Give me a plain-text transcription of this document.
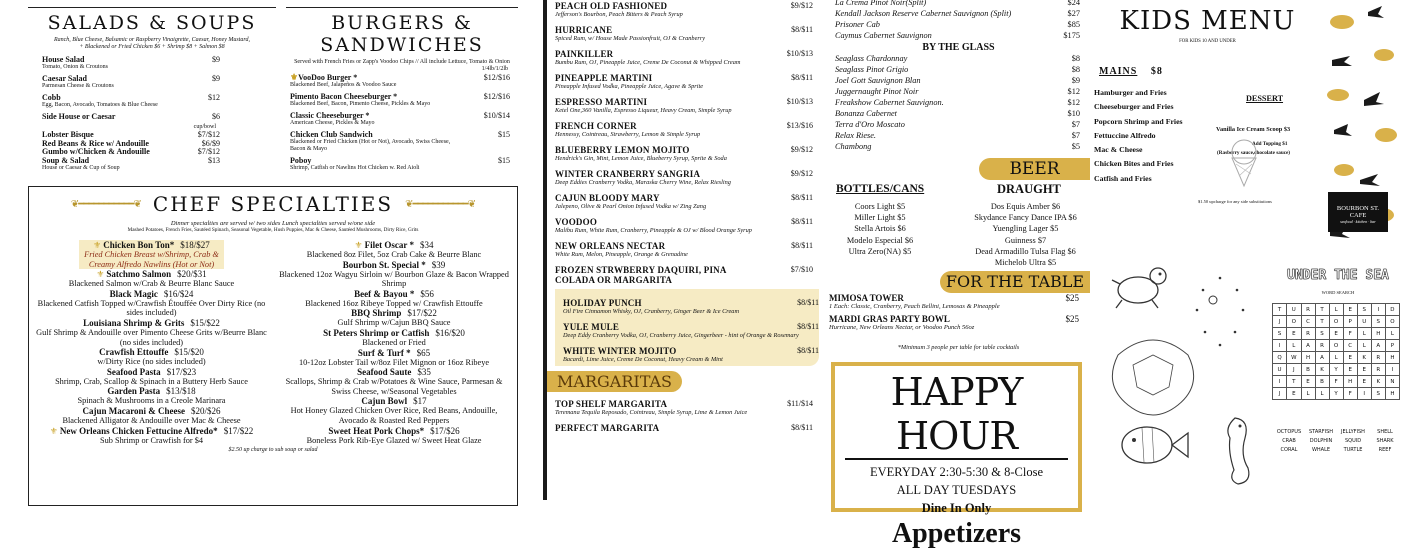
SALADS & SOUPS
Ranch, Blue Cheese, Balsamic or Raspberry Vinaigrette, Caesar, Honey Mustard,
+ Blackened or Fried Chicken $6 + Shrimp $8 + Salmon $8
House Salad
Tomato, Onion & Croutons
$9
Caesar Salad
Parmesan Cheese & Croutons
$9
Cobb
Egg, Bacon, Avocado, Tomatoes & Blue Cheese
$12
Side House or Caesar	$6
cup/bowl
Lobster Bisque	$7/$12
Red Beans & Rice w/ Andouille	$6/$9
Gumbo w/Chicken & Andouille	$7/$12
Soup & Salad	$13
House or Caesar & Cup of Soup
BURGERS & SANDWICHES
Served with French Fries or Zapp's Voodoo Chips // All include Lettuce, Tomato & Onion
1/4lb/1/2lb
⚜VooDoo Burger *
Blackened Beef, Jalapeños & Voodoo Sauce
$12/$16
Pimento Bacon Cheeseburger *
Blackened Beef, Bacon, Pimento Cheese, Pickles & Mayo
$12/$16
Classic Cheeseburger *
American Cheese, Pickles & Mayo
$10/$14
Chicken Club Sandwich
Blackened or Fried Chicken (Hot or Not), Avocado, Swiss Cheese, Bacon & Mayo
$15
Poboy
Shrimp, Catfish or Nawlins Hot Chicken w. Red Aioli
$15
❦━━━━━━━━━━━❦ CHEF SPECIALTIES ❦━━━━━━━━━━━❦
Dinner specialties are served w/ two sides Lunch specialties served w/one side
Mashed Potatoes, French Fries, Sautéed Spinach, Seasonal Vegetable, Hush Puppies, Mac & Cheese, Sautéed Mushrooms, Dirty Rice, Grits
⚜ Chicken Bon Ton* $18/$27
Fried Chicken Breast w/Shrimp, Crab & Creamy Alfredo Nawlins (Hot or Not)
⚜ Satchmo Salmon $20/$31
Blackened Salmon w/Crab & Beurre Blanc Sauce
Black Magic $16/$24
Blackened Catfish Topped w/Crawfish Étouffée Over Dirty Rice (no sides included)
Louisiana Shrimp & Grits $15/$22
Gulf Shrimp & Andouille over Pimento Cheese Grits w/Beurre Blanc (no sides included)
Crawfish Ettouffe $15/$20
w/Dirty Rice (no sides included)
Seafood Pasta $17/$23
Shrimp, Crab, Scallop & Spinach in a Buttery Herb Sauce
Garden Pasta $13/$18
Spinach & Mushrooms in a Creole Marinara
Cajun Macaroni & Cheese $20/$26
Blackened Alligator & Andouille over Mac & Cheese
⚜ New Orleans Chicken Fettucine Alfredo* $17/$22
Sub Shrimp or Crawfish for $4
⚜ Filet Oscar * $34
Blackened 8oz Filet, 5oz Crab Cake & Beurre Blanc
Bourbon St. Special * $39
Blackened 12oz Wagyu Sirloin w/ Bourbon Glaze & Bacon Wrapped Shrimp
Beef & Bayou * $56
Blackened 16oz Ribeye Topped w/ Crawfish Ettouffe
BBQ Shrimp $17/$22
Gulf Shrimp w/Cajun BBQ Sauce
St Peters Shrimp or Catfish $16/$20
Blackened or Fried
Surf & Turf * $65
10-12oz Lobster Tail w/8oz Filet Mignon or 16oz Ribeye
Seafood Saute $35
Scallops, Shrimp & Crab w/Potatoes & Wine Sauce, Parmesan & Swiss Cheese, w/Seasonal Vegetables
Cajun Bowl $17
Hot Honey Glazed Chicken Over Rice, Red Beans, Andouille, Avocado & Roasted Red Peppers
Sweet Heat Pork Chops* $17/$26
Boneless Pork Rib-Eye Glazed w/ Sweet Heat Glaze
$2.50 up charge to sub soup or salad
PEACH OLD FASHIONED	$9/$12
Jefferson's Bourbon, Peach Bitters & Peach Syrup
HURRICANE	$8/$11
Spiced Rum, w/ House Made Passionfruit, OJ & Cranberry
PAINKILLER	$10/$13
Bumbu Rum, OJ, Pineapple Juice, Creme De Coconut & Whipped Cream
PINEAPPLE MARTINI	$8/$11
Pineapple Infused Vodka, Pineapple Juice, Agave & Sprite
ESPRESSO MARTINI	$10/$13
Ketel One,360 Vanilla, Espresso Liqueur, Heavy Cream, Simple Syrup
FRENCH CORNER	$13/$16
Hennessy, Cointreau, Strawberry, Lemon & Simple Syrup
BLUEBERRY LEMON MOJITO	$9/$12
Hendrick's Gin, Mint, Lemon Juice, Blueberry Syrup, Sprite & Soda
WINTER CRANBERRY SANGRIA	$9/$12
Deep Eddies Cranberry Vodka, Maraska Cherry Wine, Relax Riesling
CAJUN BLOODY MARY	$8/$11
Jalepeno, Olive & Pearl Onion Infused Vodka w/ Zing Zang
VOODOO	$8/$11
Malibu Rum, White Rum, Cranberry, Pineapple & OJ w/ Blood Orange Syrup
NEW ORLEANS NECTAR	$8/$11
White Rum, Melon, Pineapple, Orange & Grenadine
FROZEN STRWBERRY DAQUIRI, PINA COLADA OR MARGARITA
$7/$10
HOLIDAY PUNCH	$8/$11
Oil Fire Cinnamon Whisky, OJ, Cranberry, Ginger Beer & Ice Cream
YULE MULE	$8/$11
Deep Eddy Cranberry Vodka, OJ, Cranberry Juice, Gingerbeer - hint of Orange & Rosemary
WHITE WINTER MOJITO	$8/$11
Bacardi, Lime Juice, Creme De Coconut, Heavy Cream & Mint
MARGARITAS
TOP SHELF MARGARITA	$11/$14
Teremana Tequila Reposado, Cointreau, Simple Syrup, Lime & Lemon Juice
PERFECT MARGARITA	$8/$11
La Crema Pinot Noir(Split)	$24
Kendall Jackson Reserve Cabernet Sauvignon (Split)	$27
Prisoner Cab	$85
Caymus Cabernet Sauvignon	$175
BY THE GLASS
Seaglass Chardonnay	$8
Seaglass Pinot Grigio	$8
Joel Gott Sauvignon Blan	$9
Juggernaught Pinot Noir	$12
Freakshow Cabernet Sauvignon.	$12
Bonanza Cabernet	$10
Terra d'Oro Moscato	$7
Relax Riese.	$7
Chambong	$5
BEER
BOTTLES/CANS	DRAUGHT
Coors Light $5
Miller Light $5
Stella Artois $6
Modelo Especial $6
Ultra Zero(NA) $5
Dos Equis Amber $6
Skydance Fancy Dance IPA $6
Yuengling Lager $5
Guinness $7
Dead Armadillo Tulsa Flag $6
Michelob Ultra $5
FOR THE TABLE
MIMOSA TOWER	$25
1 Each: Classic, Cranberry, Peach Bellini, Lemosas & Pineapple
MARDI GRAS PARTY BOWL	$25
Hurricane, New Orleans Nectar, or Voodoo Punch 56oz
*Minimum 3 people per table for table cocktails
HAPPY HOUR
EVERYDAY 2:30-5:30 & 8-Close
ALL DAY TUESDAYS
Dine In Only
Appetizers
KIDS MENU
FOR KIDS 10 AND UNDER
MAINS $8
Hamburger and Fries
Cheeseburger and Fries
Popcorn Shrimp and Fries
Fettuccine Alfredo
Mac & Cheese
Chicken Bites and Fries
Catfish and Fries
DESSERT
Vanilla Ice Cream Scoop $3
Add Topping $1
(Rasberry sauce,chocolate sauce)
$1.50 upcharge for any side substitutions
BOURBON ST. CAFE
seafood · kitchen · bar
UNDER THE SEA
WORD SEARCH
T	U	R	T	L	E	S	I	D
J	O	C	T	O	P	U	S	O
S	E	R	S	E	F	L	H	L
I	L	A	R	O	C	L	A	P
Q	W	H	A	L	E	K	R	H
U	J	B	K	Y	E	E	R	I
I	T	E	B	F	H	E	K	N
J	E	L	L	Y	F	I	S	H
OCTOPUS	STARFISH	JELLYFISH	SHELL
CRAB	DOLPHIN	SQUID	SHARK
CORAL	WHALE	TURTLE	REEF
